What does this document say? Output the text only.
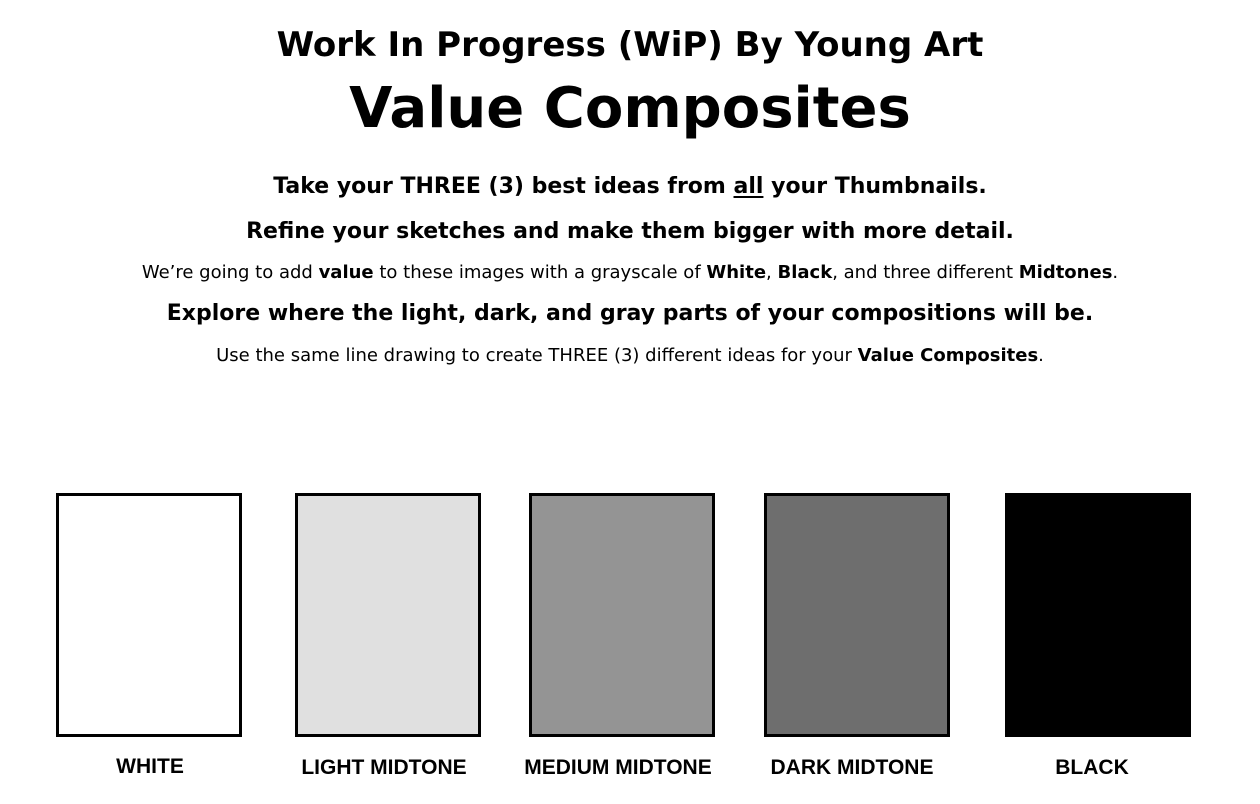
Work In Progress (WiP) By Young Art
Value Composites
Take your THREE (3) best ideas from all your Thumbnails.
Refine your sketches and make them bigger with more detail.
We’re going to add value to these images with a grayscale of White, Black, and three different Midtones.
Explore where the light, dark, and gray parts of your compositions will be.
Use the same line drawing to create THREE (3) different ideas for your Value Composites.
WHITE	LIGHT MIDTONE	MEDIUM MIDTONE	DARK MIDTONE	BLACK
